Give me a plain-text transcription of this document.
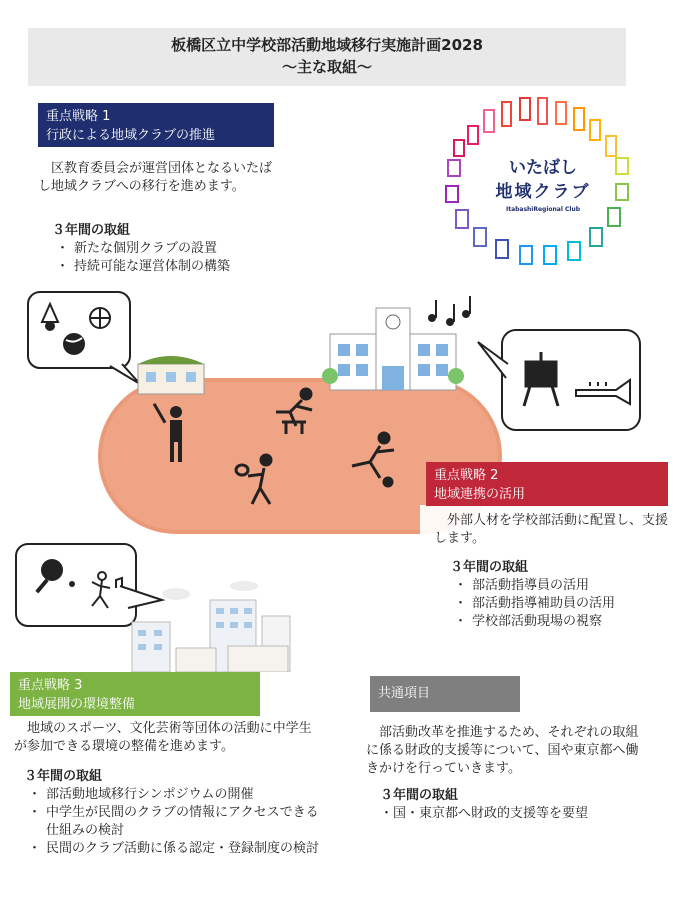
板橋区立中学校部活動地域移行実施計画2028
～主な取組～
重点戦略 1
行政による地域クラブの推進
区教育委員会が運営団体となるいたばし地域クラブへの移行を進めます。
３年間の取組
・ 新たな個別クラブの設置
・ 持続可能な運営体制の構築
いたばし
地域クラブ
ItabashiRegional Club
重点戦略 2
地域連携の活用
外部人材を学校部活動に配置し、支援します。
３年間の取組
・ 部活動指導員の活用
・ 部活動指導補助員の活用
・ 学校部活動現場の視察
重点戦略 3
地域展開の環境整備
地域のスポーツ、文化芸術等団体の活動に中学生が参加できる環境の整備を進めます。
３年間の取組
・ 部活動地域移行シンポジウムの開催
・ 中学生が民間のクラブの情報にアクセスできる仕組みの検討
・ 民間のクラブ活動に係る認定・登録制度の検討
共通項目
部活動改革を推進するため、それぞれの取組に係る財政的支援等について、国や東京都へ働きかけを行っていきます。
３年間の取組
・国・東京都へ財政的支援等を要望
